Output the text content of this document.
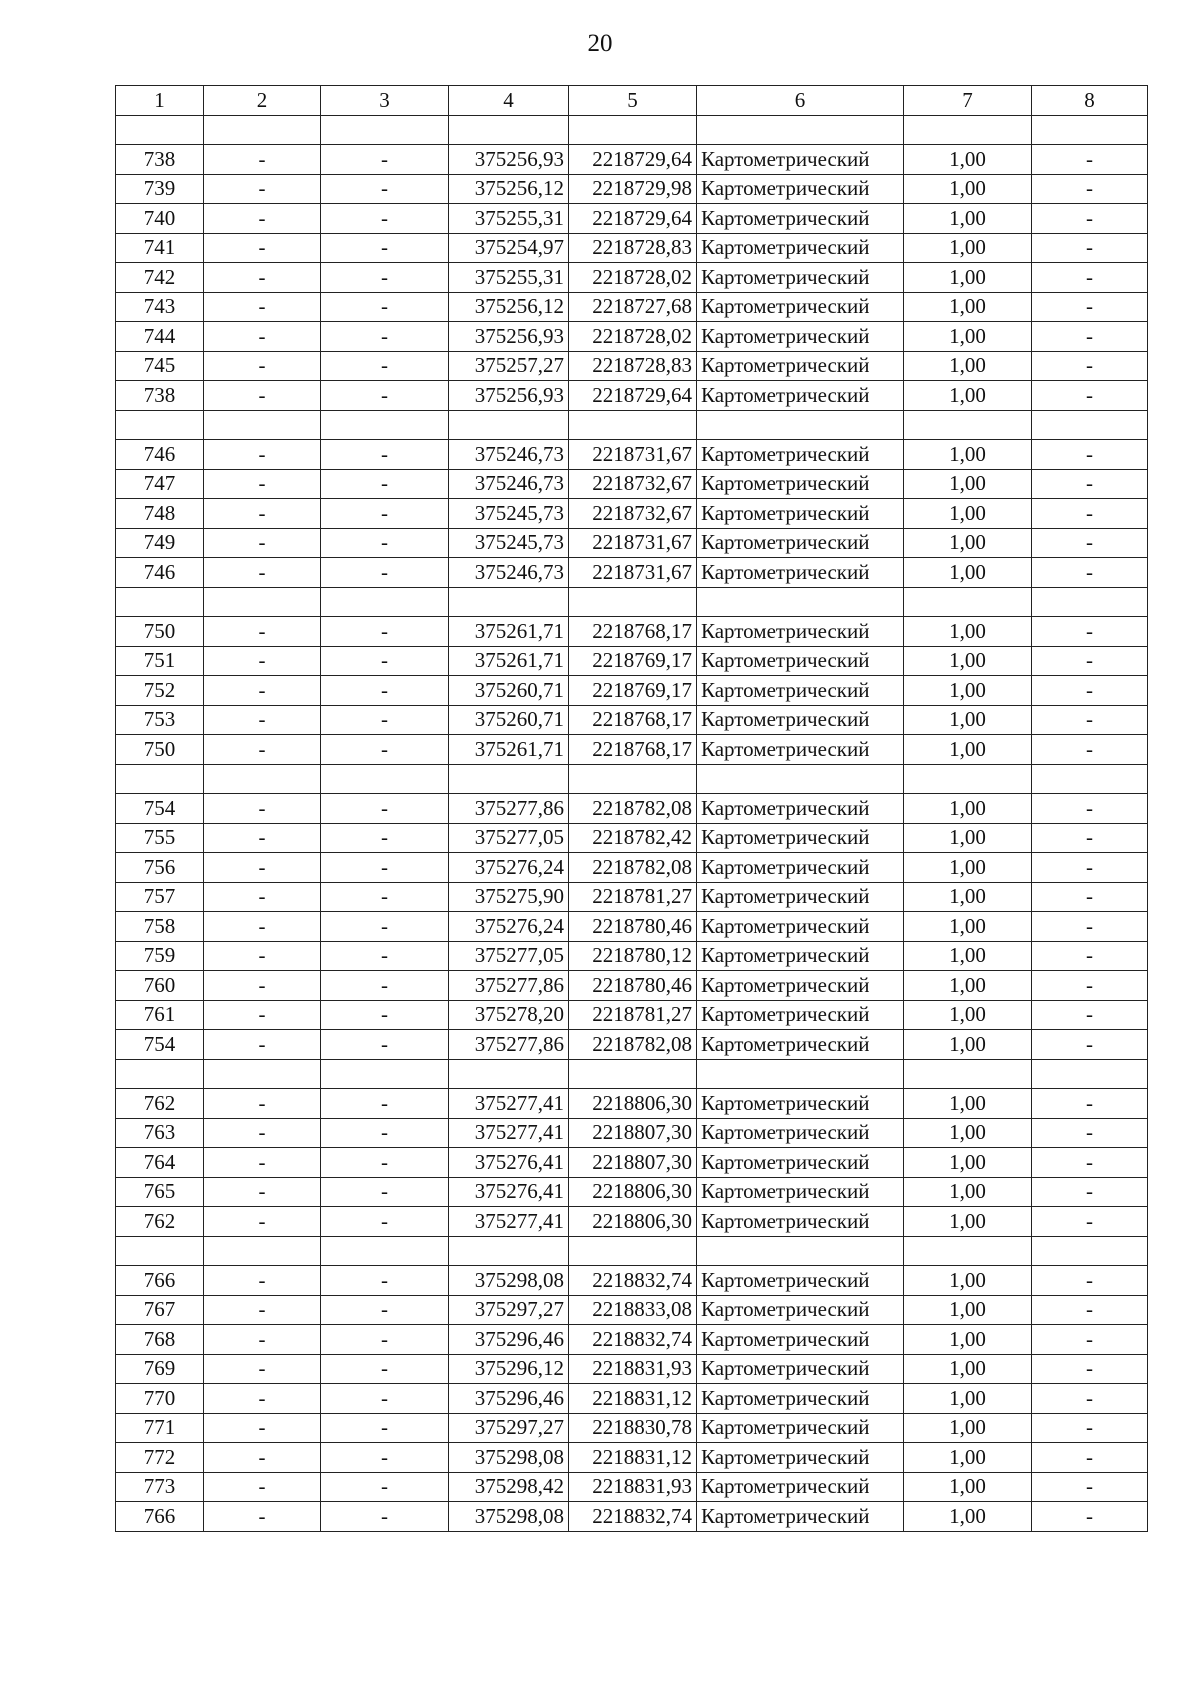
20
1	2	3	4	5	6	7	8

738	-	-	375256,93	2218729,64	Картометрический	1,00	-
739	-	-	375256,12	2218729,98	Картометрический	1,00	-
740	-	-	375255,31	2218729,64	Картометрический	1,00	-
741	-	-	375254,97	2218728,83	Картометрический	1,00	-
742	-	-	375255,31	2218728,02	Картометрический	1,00	-
743	-	-	375256,12	2218727,68	Картометрический	1,00	-
744	-	-	375256,93	2218728,02	Картометрический	1,00	-
745	-	-	375257,27	2218728,83	Картометрический	1,00	-
738	-	-	375256,93	2218729,64	Картометрический	1,00	-

746	-	-	375246,73	2218731,67	Картометрический	1,00	-
747	-	-	375246,73	2218732,67	Картометрический	1,00	-
748	-	-	375245,73	2218732,67	Картометрический	1,00	-
749	-	-	375245,73	2218731,67	Картометрический	1,00	-
746	-	-	375246,73	2218731,67	Картометрический	1,00	-

750	-	-	375261,71	2218768,17	Картометрический	1,00	-
751	-	-	375261,71	2218769,17	Картометрический	1,00	-
752	-	-	375260,71	2218769,17	Картометрический	1,00	-
753	-	-	375260,71	2218768,17	Картометрический	1,00	-
750	-	-	375261,71	2218768,17	Картометрический	1,00	-

754	-	-	375277,86	2218782,08	Картометрический	1,00	-
755	-	-	375277,05	2218782,42	Картометрический	1,00	-
756	-	-	375276,24	2218782,08	Картометрический	1,00	-
757	-	-	375275,90	2218781,27	Картометрический	1,00	-
758	-	-	375276,24	2218780,46	Картометрический	1,00	-
759	-	-	375277,05	2218780,12	Картометрический	1,00	-
760	-	-	375277,86	2218780,46	Картометрический	1,00	-
761	-	-	375278,20	2218781,27	Картометрический	1,00	-
754	-	-	375277,86	2218782,08	Картометрический	1,00	-

762	-	-	375277,41	2218806,30	Картометрический	1,00	-
763	-	-	375277,41	2218807,30	Картометрический	1,00	-
764	-	-	375276,41	2218807,30	Картометрический	1,00	-
765	-	-	375276,41	2218806,30	Картометрический	1,00	-
762	-	-	375277,41	2218806,30	Картометрический	1,00	-

766	-	-	375298,08	2218832,74	Картометрический	1,00	-
767	-	-	375297,27	2218833,08	Картометрический	1,00	-
768	-	-	375296,46	2218832,74	Картометрический	1,00	-
769	-	-	375296,12	2218831,93	Картометрический	1,00	-
770	-	-	375296,46	2218831,12	Картометрический	1,00	-
771	-	-	375297,27	2218830,78	Картометрический	1,00	-
772	-	-	375298,08	2218831,12	Картометрический	1,00	-
773	-	-	375298,42	2218831,93	Картометрический	1,00	-
766	-	-	375298,08	2218832,74	Картометрический	1,00	-
